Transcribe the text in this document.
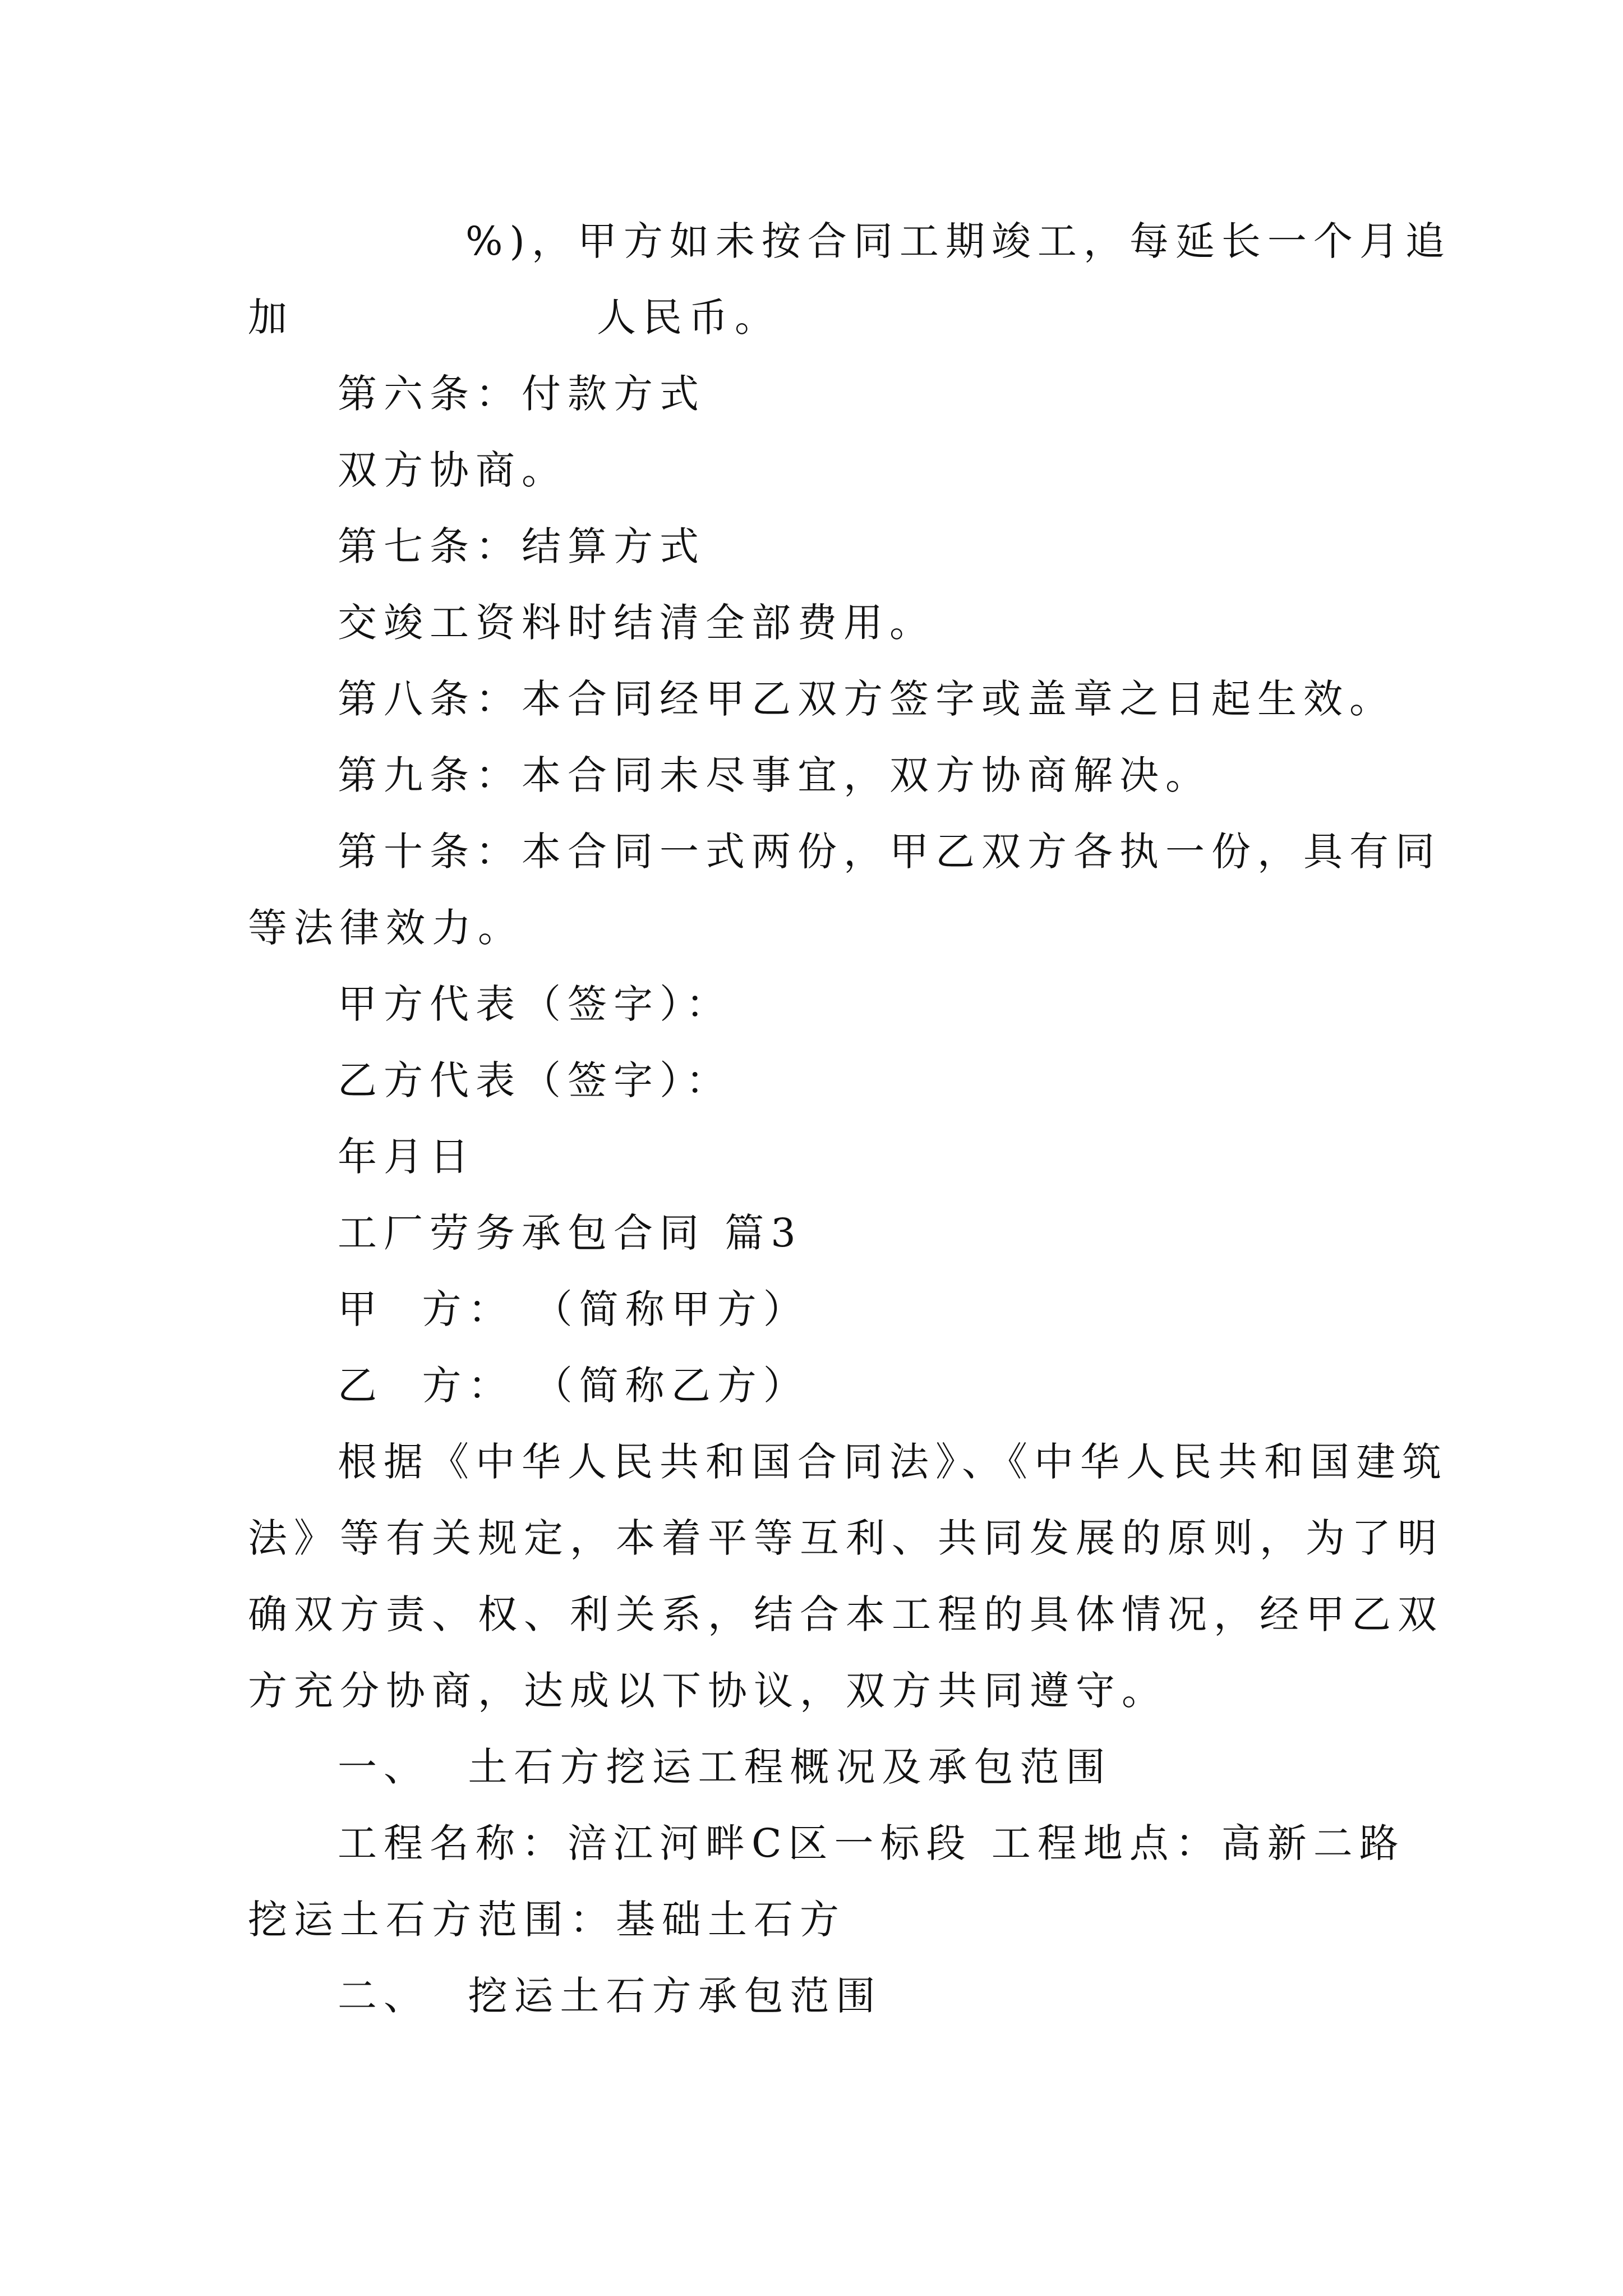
%)，甲方如未按合同工期竣工，每延长一个月追
加	人民币。
第六条：付款方式
双方协商。
第七条：结算方式
交竣工资料时结清全部费用。
第八条：本合同经甲乙双方签字或盖章之日起生效。
第九条：本合同未尽事宜，双方协商解决。
第十条：本合同一式两份，甲乙双方各执一份，具有同
等法律效力。
甲方代表（签字）：
乙方代表（签字）：
年月日
工厂劳务承包合同 篇3
甲  方： （简称甲方）
乙  方： （简称乙方）
根据《中华人民共和国合同法》、《中华人民共和国建筑
法》等有关规定，本着平等互利、共同发展的原则，为了明
确双方责、权、利关系，结合本工程的具体情况，经甲乙双
方充分协商，达成以下协议，双方共同遵守。
一、  土石方挖运工程概况及承包范围
工程名称：涪江河畔C区一标段 工程地点：高新二路
挖运土石方范围：基础土石方
二、  挖运土石方承包范围
